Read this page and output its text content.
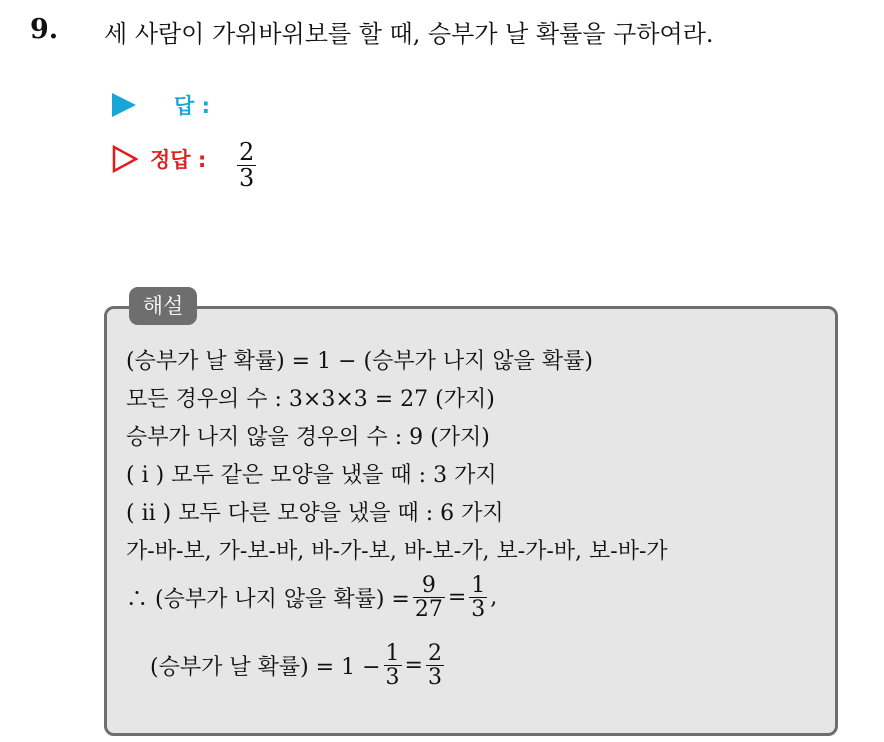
9. 세 사람이 가위바위보를 할 때, 승부가 날 확률을 구하여라.
답 :
정답 : $\frac{2}{3}$
해설
(승부가 날 확률) = 1 − (승부가 나지 않을 확률)
모든 경우의 수 : 3×3×3 = 27 (가지)
승부가 나지 않을 경우의 수 : 9 (가지)
( i ) 모두 같은 모양을 냈을 때 : 3 가지
( ii ) 모두 다른 모양을 냈을 때 : 6 가지
가-바-보, 가-보-바, 바-가-보, 바-보-가, 보-가-바, 보-바-가
∴ (승부가 나지 않을 확률) = $\frac{9}{27} = \frac{1}{3}$ ,
(승부가 날 확률) = $1 - \frac{1}{3} = \frac{2}{3}$
